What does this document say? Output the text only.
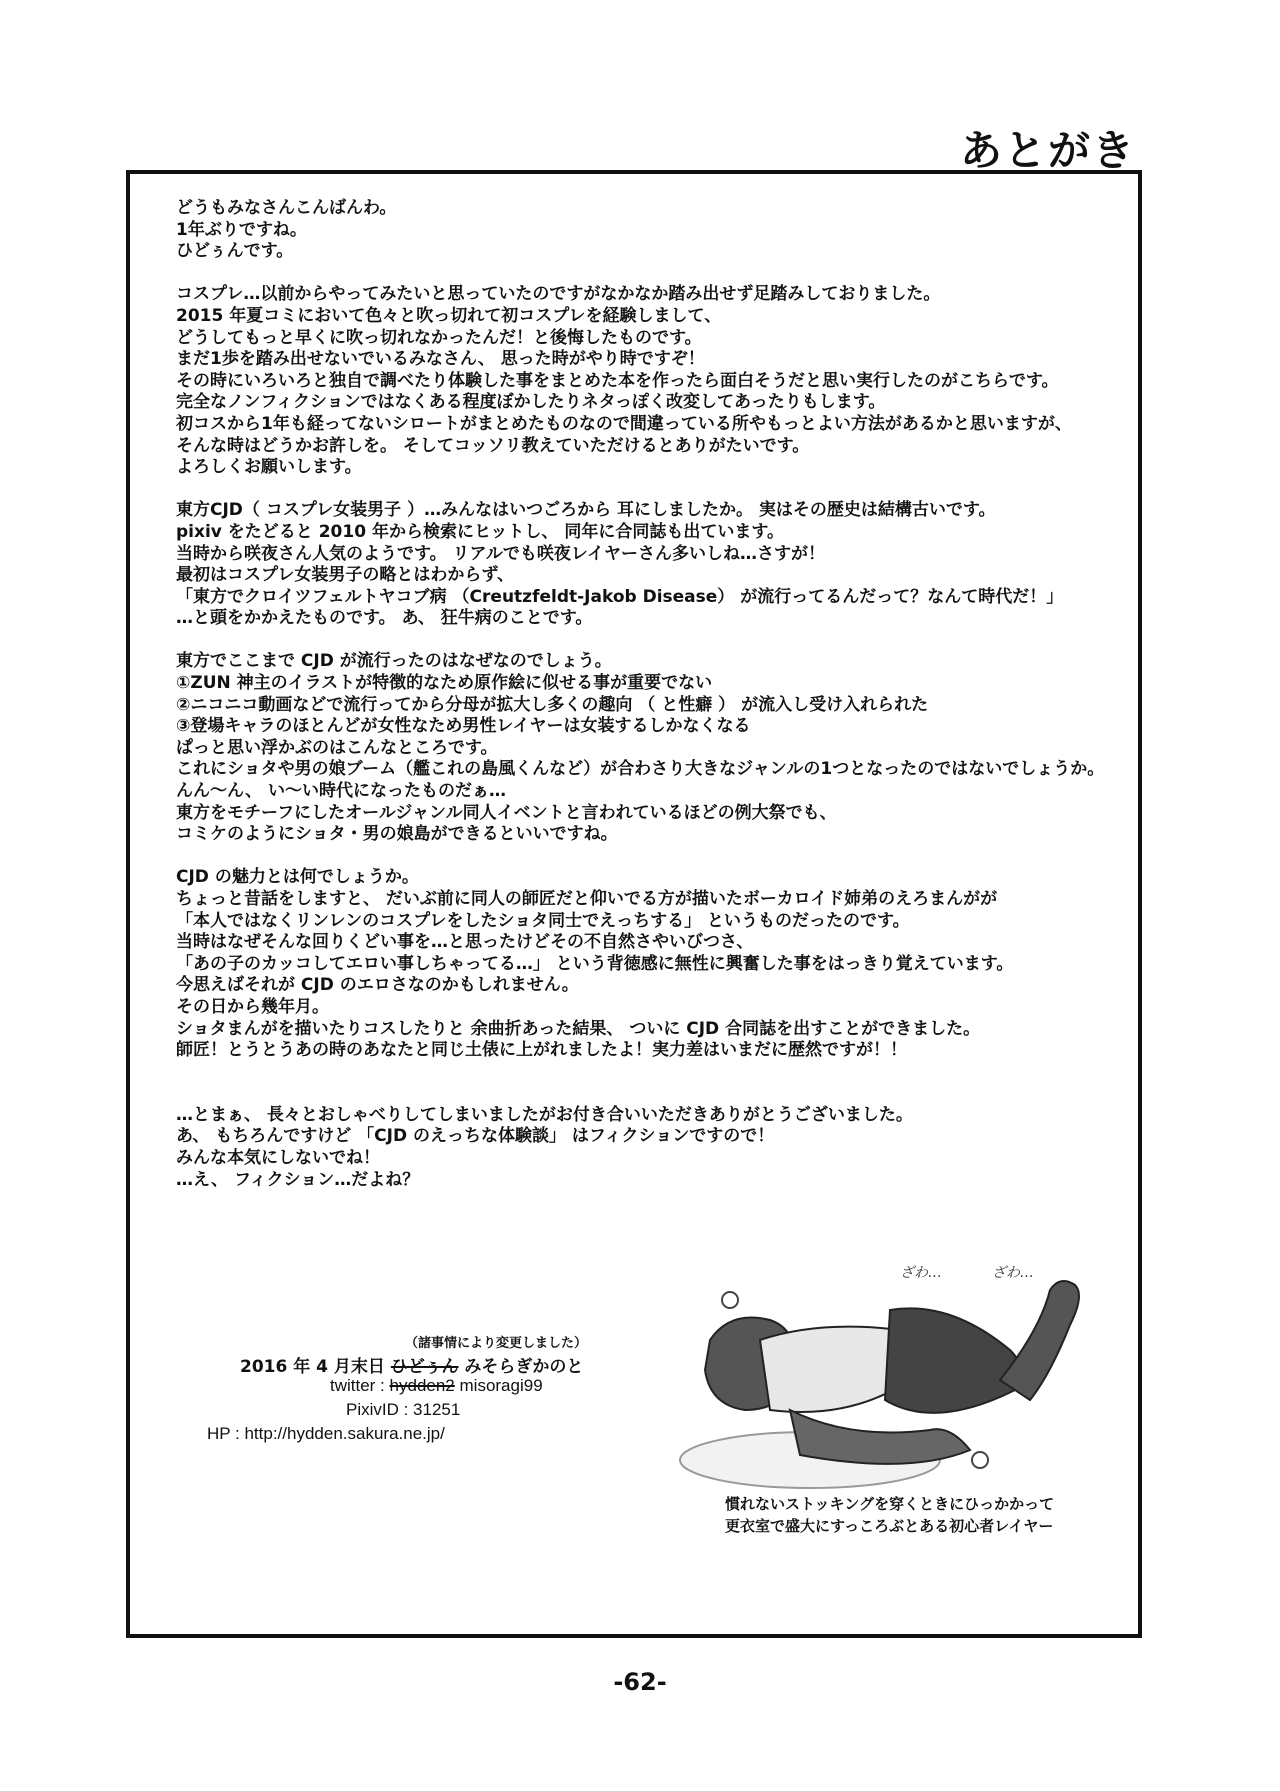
あとがき
どうもみなさんこんばんわ。
1年ぶりですね。
ひどぅんです。
コスプレ…以前からやってみたいと思っていたのですがなかなか踏み出せず足踏みしておりました。
2015 年夏コミにおいて色々と吹っ切れて初コスプレを経験しまして、
どうしてもっと早くに吹っ切れなかったんだ！と後悔したものです。
まだ1歩を踏み出せないでいるみなさん、 思った時がやり時ですぞ！
その時にいろいろと独自で調べたり体験した事をまとめた本を作ったら面白そうだと思い実行したのがこちらです。
完全なノンフィクションではなくある程度ぼかしたりネタっぽく改変してあったりもします。
初コスから1年も経ってないシロートがまとめたものなので間違っている所やもっとよい方法があるかと思いますが、
そんな時はどうかお許しを。 そしてコッソリ教えていただけるとありがたいです。
よろしくお願いします。
東方CJD（ コスプレ女装男子 ）…みんなはいつごろから 耳にしましたか。 実はその歴史は結構古いです。
pixiv をたどると 2010 年から検索にヒットし、 同年に合同誌も出ています。
当時から咲夜さん人気のようです。 リアルでも咲夜レイヤーさん多いしね…さすが！
最初はコスプレ女装男子の略とはわからず、
「東方でクロイツフェルトヤコブ病 （Creutzfeldt-Jakob Disease） が流行ってるんだって？なんて時代だ！」
…と頭をかかえたものです。 あ、 狂牛病のことです。
東方でここまで CJD が流行ったのはなぜなのでしょう。
①ZUN 神主のイラストが特徴的なため原作絵に似せる事が重要でない
②ニコニコ動画などで流行ってから分母が拡大し多くの趣向 （ と性癖 ） が流入し受け入れられた
③登場キャラのほとんどが女性なため男性レイヤーは女装するしかなくなる
ぱっと思い浮かぶのはこんなところです。
これにショタや男の娘ブーム（艦これの島風くんなど）が合わさり大きなジャンルの1つとなったのではないでしょうか。
んん～ん、 い～い時代になったものだぁ…
東方をモチーフにしたオールジャンル同人イベントと言われているほどの例大祭でも、
コミケのようにショタ・男の娘島ができるといいですね。
CJD の魅力とは何でしょうか。
ちょっと昔話をしますと、 だいぶ前に同人の師匠だと仰いでる方が描いたボーカロイド姉弟のえろまんがが
「本人ではなくリンレンのコスプレをしたショタ同士でえっちする」 というものだったのです。
当時はなぜそんな回りくどい事を…と思ったけどその不自然さやいびつさ、
「あの子のカッコしてエロい事しちゃってる…」 という背徳感に無性に興奮した事をはっきり覚えています。
今思えばそれが CJD のエロさなのかもしれません。
その日から幾年月。
ショタまんがを描いたりコスしたりと 余曲折あった結果、 ついに CJD 合同誌を出すことができました。
師匠！とうとうあの時のあなたと同じ土俵に上がれましたよ！実力差はいまだに歴然ですが！！
…とまぁ、 長々とおしゃべりしてしまいましたがお付き合いいただきありがとうございました。
あ、 もちろんですけど 「CJD のえっちな体験談」 はフィクションですので！
みんな本気にしないでね！
…え、 フィクション…だよね？
（諸事情により変更しました）
2016 年 4 月末日 ひどぅん みそらぎかのと
twitter : hydden2 misoragi99
PixivID : 31251
HP : http://hydden.sakura.ne.jp/
ざわ…	ざわ…
慣れないストッキングを穿くときにひっかかって
更衣室で盛大にすっころぶとある初心者レイヤー
-62-
